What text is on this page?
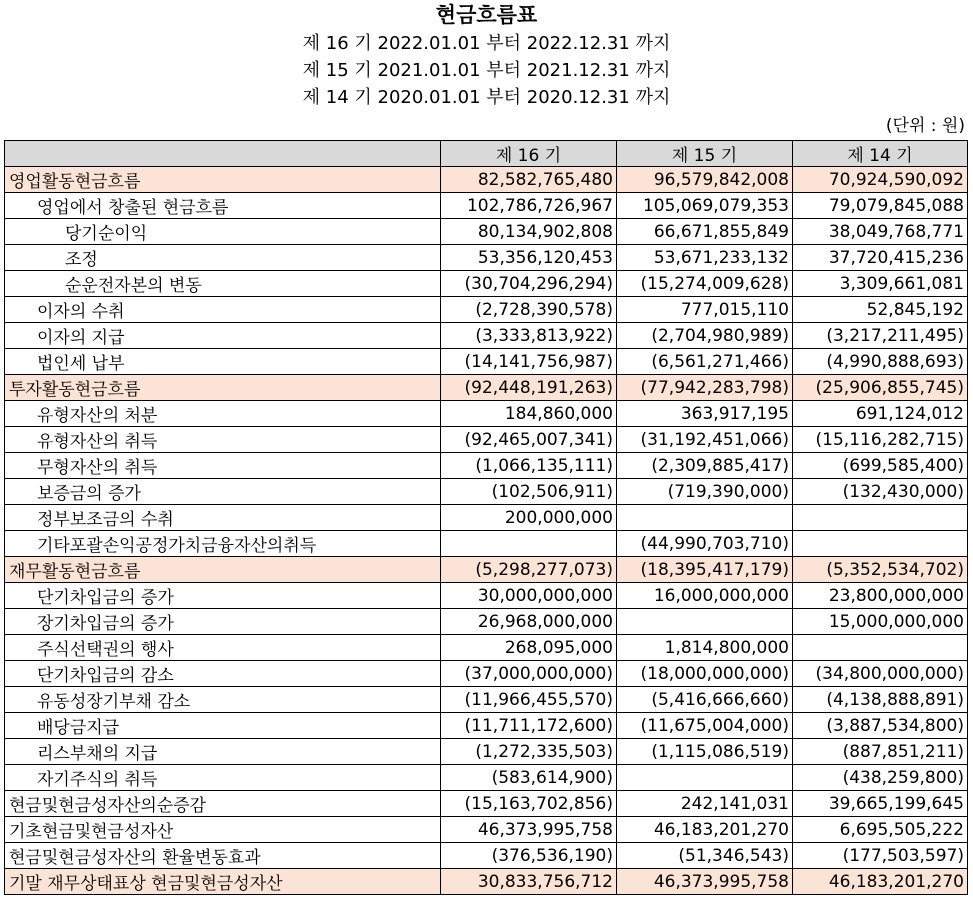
현금흐름표
제 16 기 2022.01.01 부터 2022.12.31 까지
제 15 기 2021.01.01 부터 2021.12.31 까지
제 14 기 2020.01.01 부터 2020.12.31 까지
(단위 : 원)
	제 16 기	제 15 기	제 14 기
영업활동현금흐름	82,582,765,480	96,579,842,008	70,924,590,092
영업에서 창출된 현금흐름	102,786,726,967	105,069,079,353	79,079,845,088
당기순이익	80,134,902,808	66,671,855,849	38,049,768,771
조정	53,356,120,453	53,671,233,132	37,720,415,236
순운전자본의 변동	(30,704,296,294)	(15,274,009,628)	3,309,661,081
이자의 수취	(2,728,390,578)	777,015,110	52,845,192
이자의 지급	(3,333,813,922)	(2,704,980,989)	(3,217,211,495)
법인세 납부	(14,141,756,987)	(6,561,271,466)	(4,990,888,693)
투자활동현금흐름	(92,448,191,263)	(77,942,283,798)	(25,906,855,745)
유형자산의 처분	184,860,000	363,917,195	691,124,012
유형자산의 취득	(92,465,007,341)	(31,192,451,066)	(15,116,282,715)
무형자산의 취득	(1,066,135,111)	(2,309,885,417)	(699,585,400)
보증금의 증가	(102,506,911)	(719,390,000)	(132,430,000)
정부보조금의 수취	200,000,000		
기타포괄손익공정가치금융자산의취득		(44,990,703,710)	
재무활동현금흐름	(5,298,277,073)	(18,395,417,179)	(5,352,534,702)
단기차입금의 증가	30,000,000,000	16,000,000,000	23,800,000,000
장기차입금의 증가	26,968,000,000		15,000,000,000
주식선택권의 행사	268,095,000	1,814,800,000	
단기차입금의 감소	(37,000,000,000)	(18,000,000,000)	(34,800,000,000)
유동성장기부채 감소	(11,966,455,570)	(5,416,666,660)	(4,138,888,891)
배당금지급	(11,711,172,600)	(11,675,004,000)	(3,887,534,800)
리스부채의 지급	(1,272,335,503)	(1,115,086,519)	(887,851,211)
자기주식의 취득	(583,614,900)		(438,259,800)
현금및현금성자산의순증감	(15,163,702,856)	242,141,031	39,665,199,645
기초현금및현금성자산	46,373,995,758	46,183,201,270	6,695,505,222
현금및현금성자산의 환율변동효과	(376,536,190)	(51,346,543)	(177,503,597)
기말 재무상태표상 현금및현금성자산	30,833,756,712	46,373,995,758	46,183,201,270
